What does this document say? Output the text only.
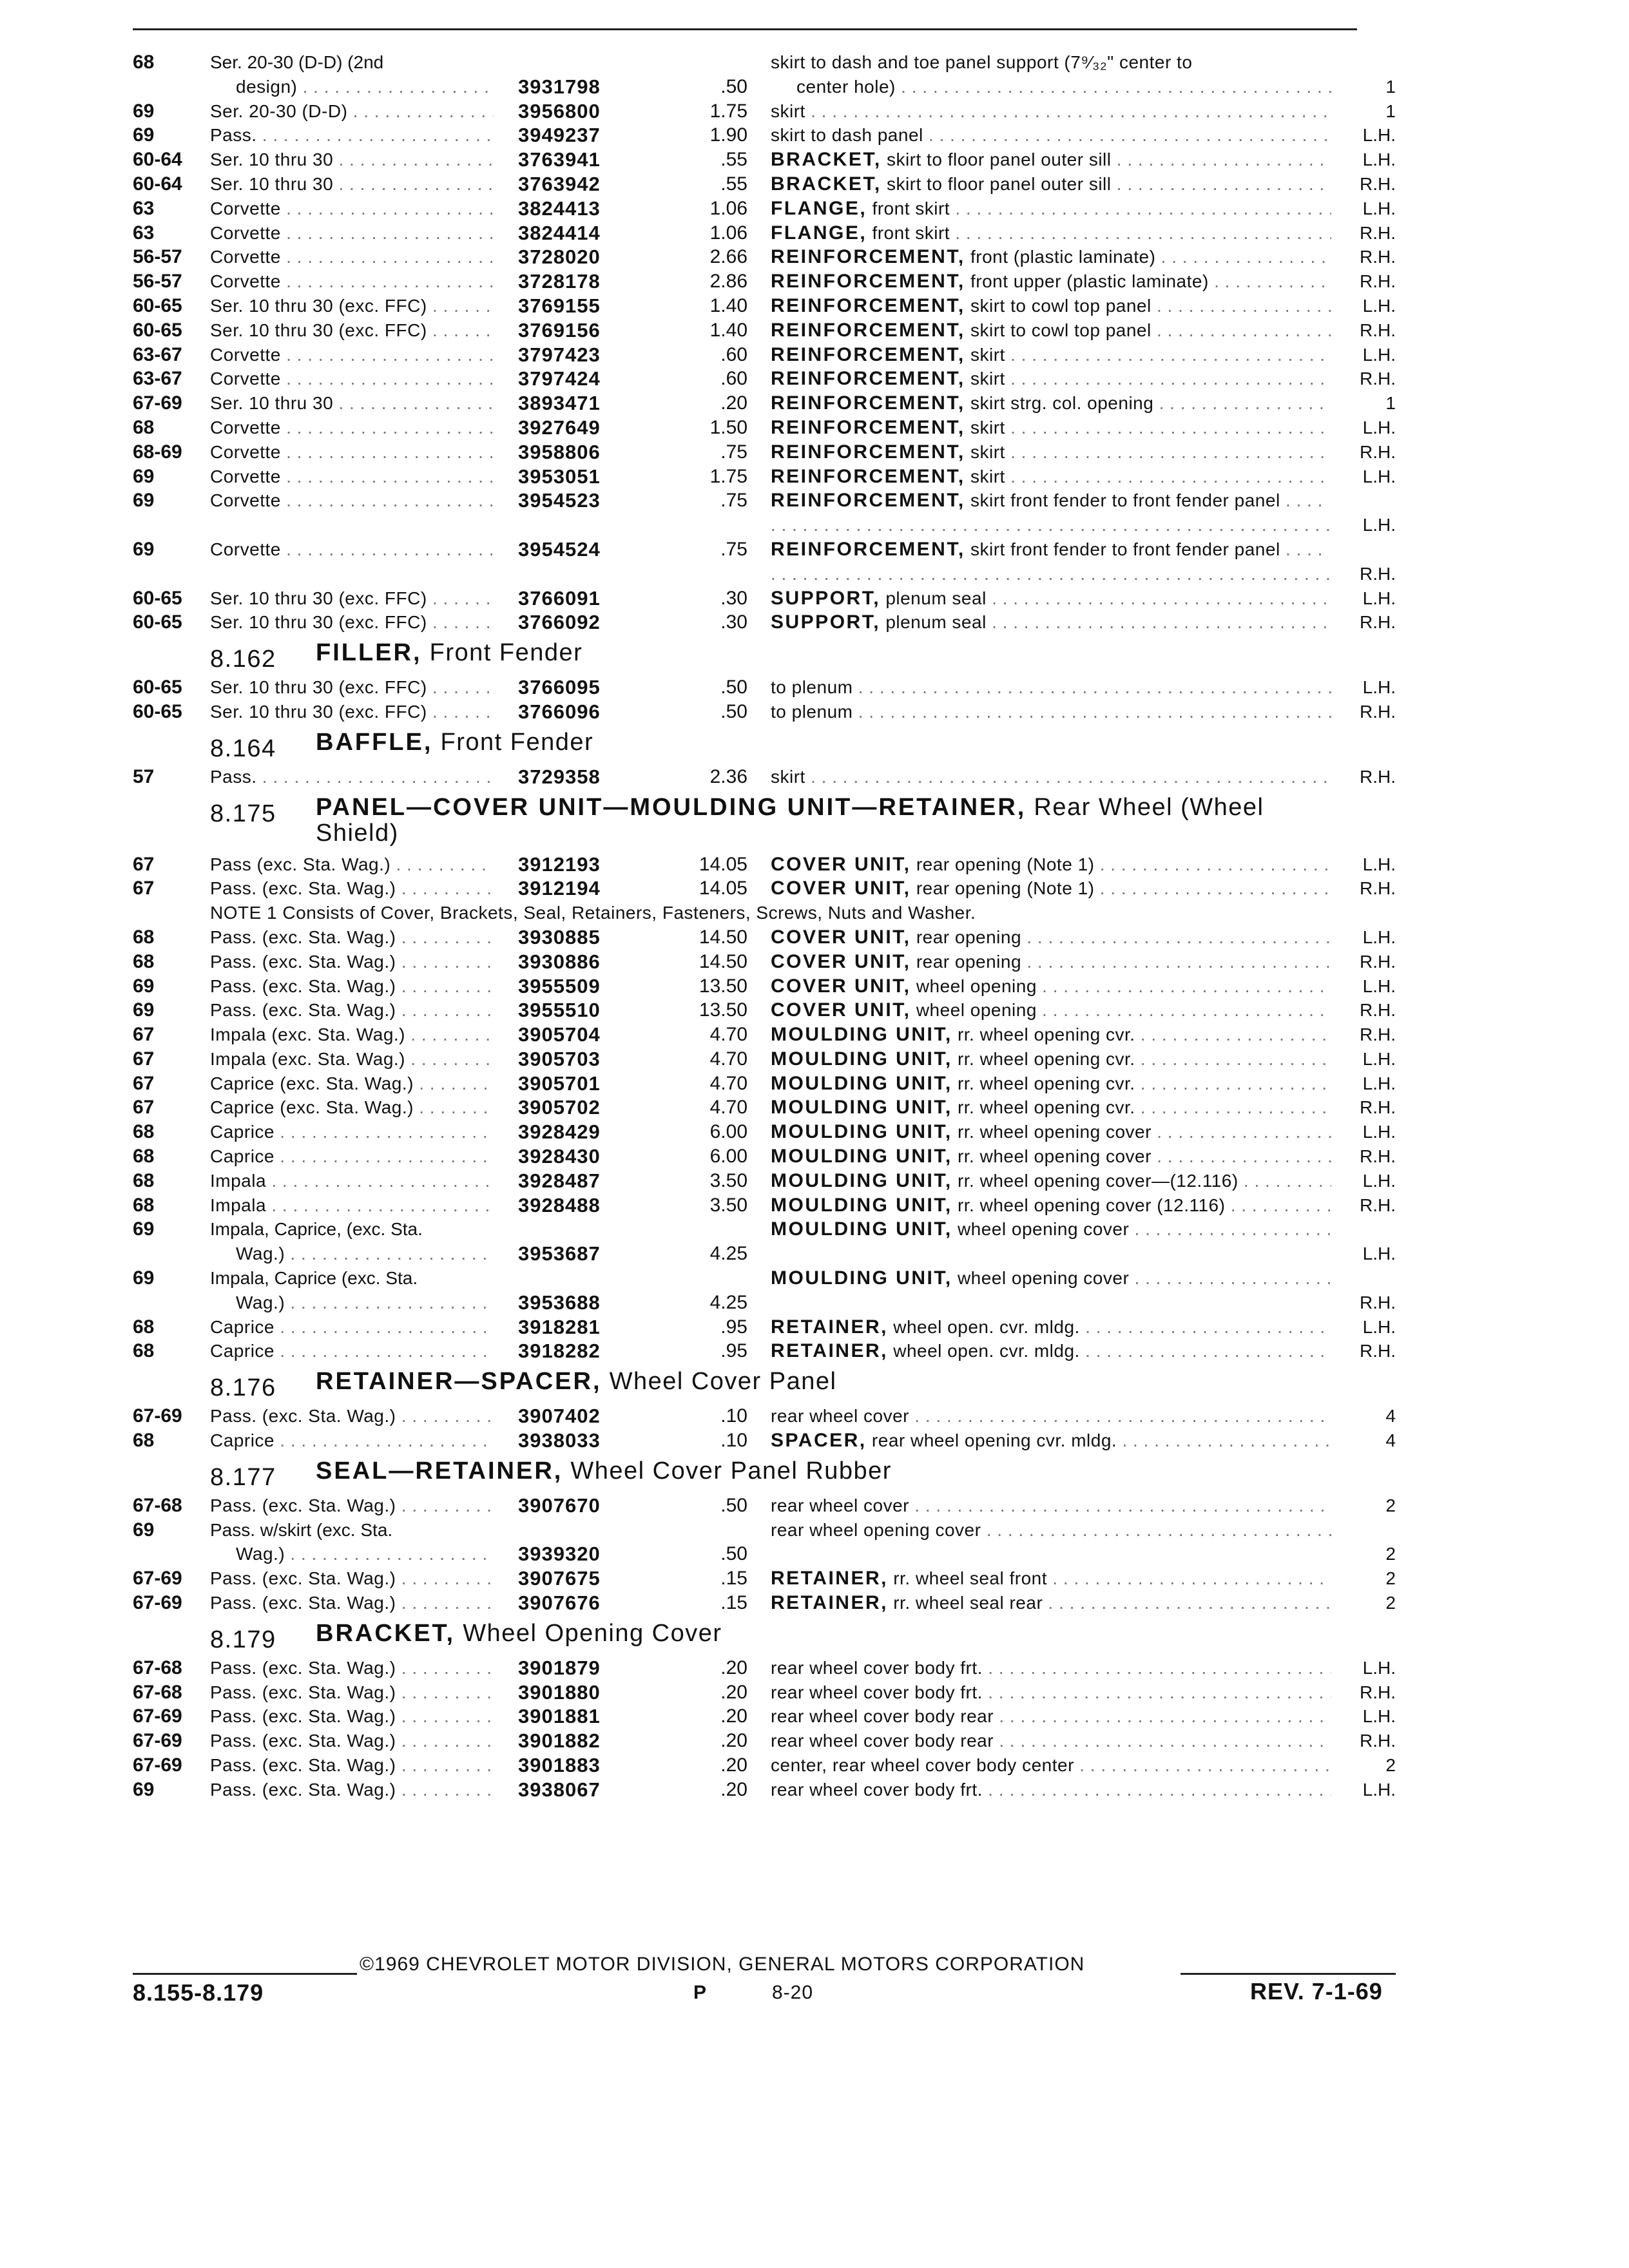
68	Ser. 20-30 (D-D) (2nd
design) . . .	3931798	.50
skirt to dash and toe panel support (7⁹⁄₃₂" center to
center hole) . . .	1
69	Ser. 20-30 (D-D) . . .	3956800	1.75 skirt . . .	1
69	Pass. . . .	3949237	1.90 skirt to dash panel . . .	L.H.
60-64	Ser. 10 thru 30 . . .	3763941	.55 BRACKET, skirt to floor panel outer sill . . .	L.H.
60-64	Ser. 10 thru 30 . . .	3763942	.55 BRACKET, skirt to floor panel outer sill . . .	R.H.
63	Corvette . . .	3824413	1.06 FLANGE, front skirt . . .	L.H.
63	Corvette . . .	3824414	1.06 FLANGE, front skirt . . .	R.H.
56-57	Corvette . . .	3728020	2.66 REINFORCEMENT, front (plastic laminate) . . .	R.H.
56-57	Corvette . . .	3728178	2.86 REINFORCEMENT, front upper (plastic laminate) . . .	R.H.
60-65	Ser. 10 thru 30 (exc. FFC) . . .	3769155	1.40 REINFORCEMENT, skirt to cowl top panel . . .	L.H.
60-65	Ser. 10 thru 30 (exc. FFC) . . .	3769156	1.40 REINFORCEMENT, skirt to cowl top panel . . .	R.H.
63-67	Corvette . . .	3797423	.60 REINFORCEMENT, skirt . . .	L.H.
63-67	Corvette . . .	3797424	.60 REINFORCEMENT, skirt . . .	R.H.
67-69	Ser. 10 thru 30 . . .	3893471	.20 REINFORCEMENT, skirt strg. col. opening . . .	1
68	Corvette . . .	3927649	1.50 REINFORCEMENT, skirt . . .	L.H.
68-69	Corvette . . .	3958806	.75 REINFORCEMENT, skirt . . .	R.H.
69	Corvette . . .	3953051	1.75 REINFORCEMENT, skirt . . .	L.H.
69	Corvette . . .	3954523	.75 REINFORCEMENT, skirt front fender to front fender panel . . .
L.H.
69	Corvette . . .	3954524	.75 REINFORCEMENT, skirt front fender to front fender panel . . .
R.H.
60-65	Ser. 10 thru 30 (exc. FFC) . . .	3766091	.30 SUPPORT, plenum seal . . .	L.H.
60-65	Ser. 10 thru 30 (exc. FFC) . . .	3766092	.30 SUPPORT, plenum seal . . .	R.H.
8.162 FILLER, Front Fender
60-65	Ser. 10 thru 30 (exc. FFC) . . .	3766095	.50 to plenum . . .	L.H.
60-65	Ser. 10 thru 30 (exc. FFC) . . .	3766096	.50 to plenum . . .	R.H.
8.164 BAFFLE, Front Fender
57	Pass. . . .	3729358	2.36 skirt . . .	R.H.
8.175 PANEL—COVER UNIT—MOULDING UNIT—RETAINER, Rear Wheel (Wheel Shield)
67	Pass (exc. Sta. Wag.) . . .	3912193	14.05 COVER UNIT, rear opening (Note 1) . . .	L.H.
67	Pass. (exc. Sta. Wag.) . . .	3912194	14.05 COVER UNIT, rear opening (Note 1) . . .	R.H.
NOTE 1 Consists of Cover, Brackets, Seal, Retainers, Fasteners, Screws, Nuts and Washer.
68	Pass. (exc. Sta. Wag.) . . .	3930885	14.50 COVER UNIT, rear opening . . .	L.H.
68	Pass. (exc. Sta. Wag.) . . .	3930886	14.50 COVER UNIT, rear opening . . .	R.H.
69	Pass. (exc. Sta. Wag.) . . .	3955509	13.50 COVER UNIT, wheel opening . . .	L.H.
69	Pass. (exc. Sta. Wag.) . . .	3955510	13.50 COVER UNIT, wheel opening . . .	R.H.
67	Impala (exc. Sta. Wag.) . . .	3905704	4.70 MOULDING UNIT, rr. wheel opening cvr. . . .	R.H.
67	Impala (exc. Sta. Wag.) . . .	3905703	4.70 MOULDING UNIT, rr. wheel opening cvr. . . .	L.H.
67	Caprice (exc. Sta. Wag.) . . .	3905701	4.70 MOULDING UNIT, rr. wheel opening cvr. . . .	L.H.
67	Caprice (exc. Sta. Wag.) . . .	3905702	4.70 MOULDING UNIT, rr. wheel opening cvr. . . .	R.H.
68	Caprice . . .	3928429	6.00 MOULDING UNIT, rr. wheel opening cover . . .	L.H.
68	Caprice . . .	3928430	6.00 MOULDING UNIT, rr. wheel opening cover . . .	R.H.
68	Impala . . .	3928487	3.50 MOULDING UNIT, rr. wheel opening cover—(12.116) . . .	L.H.
68	Impala . . .	3928488	3.50 MOULDING UNIT, rr. wheel opening cover (12.116) . . .	R.H.
69	Impala, Caprice, (exc. Sta.
Wag.) . . .	3953687	4.25
MOULDING UNIT, wheel opening cover . . .
L.H.
69	Impala, Caprice (exc. Sta.
Wag.) . . .	3953688	4.25
MOULDING UNIT, wheel opening cover . . .
R.H.
68	Caprice . . .	3918281	.95 RETAINER, wheel open. cvr. mldg. . . .	L.H.
68	Caprice . . .	3918282	.95 RETAINER, wheel open. cvr. mldg. . . .	R.H.
8.176 RETAINER—SPACER, Wheel Cover Panel
67-69	Pass. (exc. Sta. Wag.) . . .	3907402	.10 rear wheel cover . . .	4
68	Caprice . . .	3938033	.10 SPACER, rear wheel opening cvr. mldg. . . .	4
8.177 SEAL—RETAINER, Wheel Cover Panel Rubber
67-68	Pass. (exc. Sta. Wag.) . . .	3907670	.50 rear wheel cover . . .	2
69	Pass. w/skirt (exc. Sta.
Wag.) . . .	3939320	.50
rear wheel opening cover . . .
2
67-69	Pass. (exc. Sta. Wag.) . . .	3907675	.15 RETAINER, rr. wheel seal front . . .	2
67-69	Pass. (exc. Sta. Wag.) . . .	3907676	.15 RETAINER, rr. wheel seal rear . . .	2
8.179 BRACKET, Wheel Opening Cover
67-68	Pass. (exc. Sta. Wag.) . . .	3901879	.20 rear wheel cover body frt. . . .	L.H.
67-68	Pass. (exc. Sta. Wag.) . . .	3901880	.20 rear wheel cover body frt. . . .	R.H.
67-69	Pass. (exc. Sta. Wag.) . . .	3901881	.20 rear wheel cover body rear . . .	L.H.
67-69	Pass. (exc. Sta. Wag.) . . .	3901882	.20 rear wheel cover body rear . . .	R.H.
67-69	Pass. (exc. Sta. Wag.) . . .	3901883	.20 center, rear wheel cover body center . . .	2
69	Pass. (exc. Sta. Wag.) . . .	3938067	.20 rear wheel cover body frt. . . .	L.H.
©1969 CHEVROLET MOTOR DIVISION, GENERAL MOTORS CORPORATION
8.155-8.179	P	8-20	REV. 7-1-69
